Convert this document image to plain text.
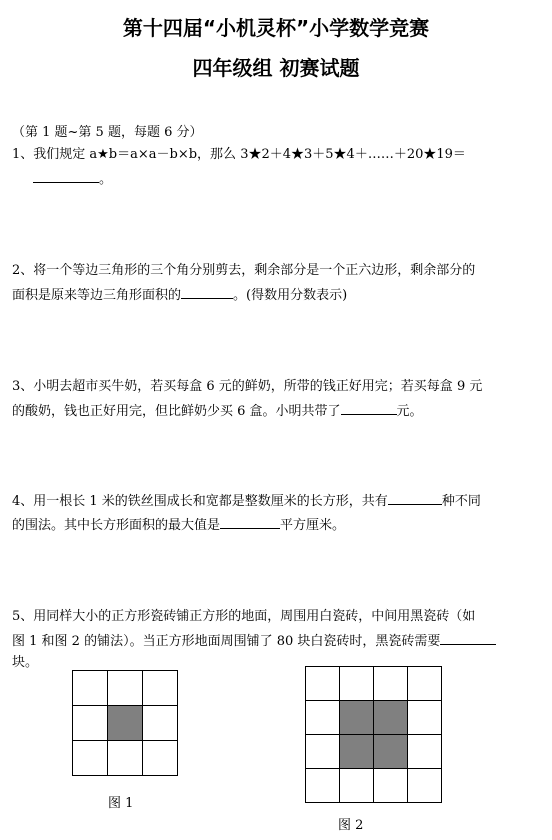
第十四届“小机灵杯”小学数学竞赛
四年级组 初赛试题
（第 1 题~第 5 题，每题 6 分）
1、我们规定 a★b＝a×a－b×b，那么 3★2＋4★3＋5★4＋……＋20★19＝
。
2、将一个等边三角形的三个角分别剪去，剩余部分是一个正六边形，剩余部分的
面积是原来等边三角形面积的	。(得数用分数表示)
3、小明去超市买牛奶，若买每盒 6 元的鲜奶，所带的钱正好用完；若买每盒 9 元
的酸奶，钱也正好用完，但比鲜奶少买 6 盒。小明共带了	元。
4、用一根长 1 米的铁丝围成长和宽都是整数厘米的长方形，共有	种不同
的围法。其中长方形面积的最大值是	平方厘米。
5、用同样大小的正方形瓷砖铺正方形的地面，周围用白瓷砖，中间用黑瓷砖（如
图 1 和图 2 的铺法）。当正方形地面周围铺了 80 块白瓷砖时，黑瓷砖需要
块。

图 1

图 2
